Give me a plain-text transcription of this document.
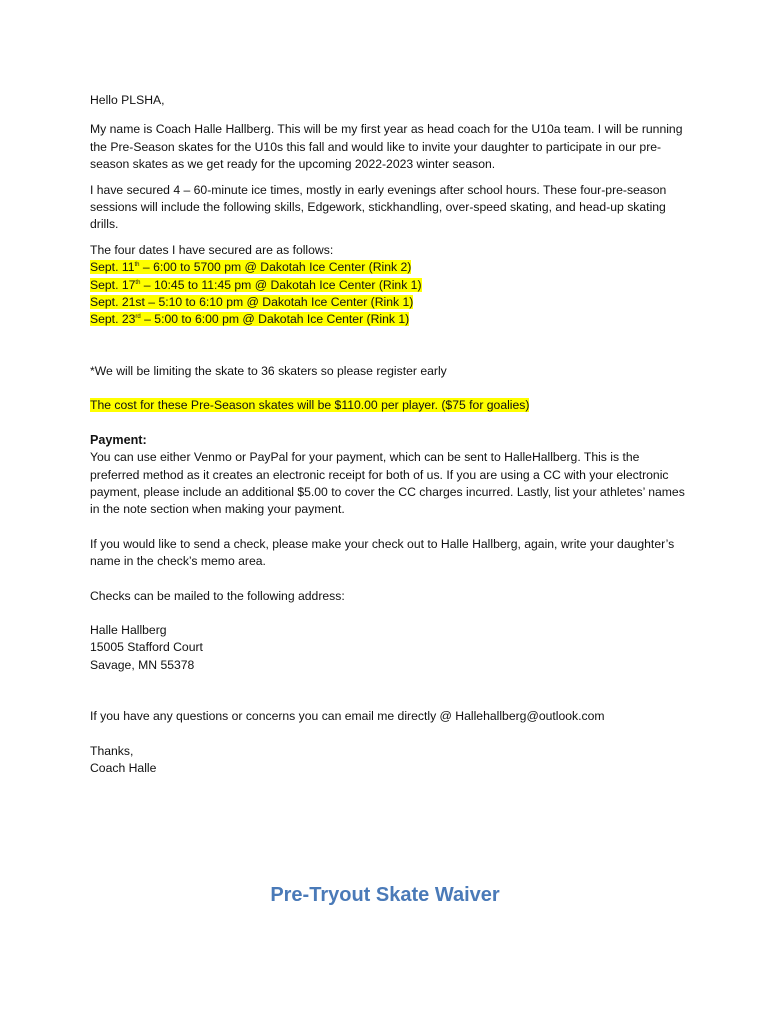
Hello PLSHA,

My name is Coach Halle Hallberg. This will be my first year as head coach for the U10a team. I will be running the Pre-Season skates for the U10s this fall and would like to invite your daughter to participate in our pre-season skates as we get ready for the upcoming 2022-2023 winter season.

I have secured 4 – 60-minute ice times, mostly in early evenings after school hours. These four-pre-season sessions will include the following skills, Edgework, stickhandling, over-speed skating, and head-up skating drills.

The four dates I have secured are as follows:

Sept. 11th – 6:00 to 5700 pm @ Dakotah Ice Center (Rink 2)
Sept. 17th – 10:45 to 11:45 pm @ Dakotah Ice Center (Rink 1)
Sept. 21st – 5:10 to 6:10 pm @ Dakotah Ice Center (Rink 1)
Sept. 23rd – 5:00 to 6:00 pm @ Dakotah Ice Center (Rink 1)

*We will be limiting the skate to 36 skaters so please register early

The cost for these Pre-Season skates will be $110.00 per player. ($75 for goalies)

Payment:

You can use either Venmo or PayPal for your payment, which can be sent to HalleHallberg. This is the preferred method as it creates an electronic receipt for both of us. If you are using a CC with your electronic payment, please include an additional $5.00 to cover the CC charges incurred. Lastly, list your athletes’ names in the note section when making your payment.

If you would like to send a check, please make your check out to Halle Hallberg, again, write your daughter’s name in the check’s memo area.

Checks can be mailed to the following address:

Halle Hallberg

15005 Stafford Court

Savage, MN 55378

If you have any questions or concerns you can email me directly @ Hallehallberg@outlook.com

Thanks,

Coach Halle

Pre-Tryout Skate Waiver
